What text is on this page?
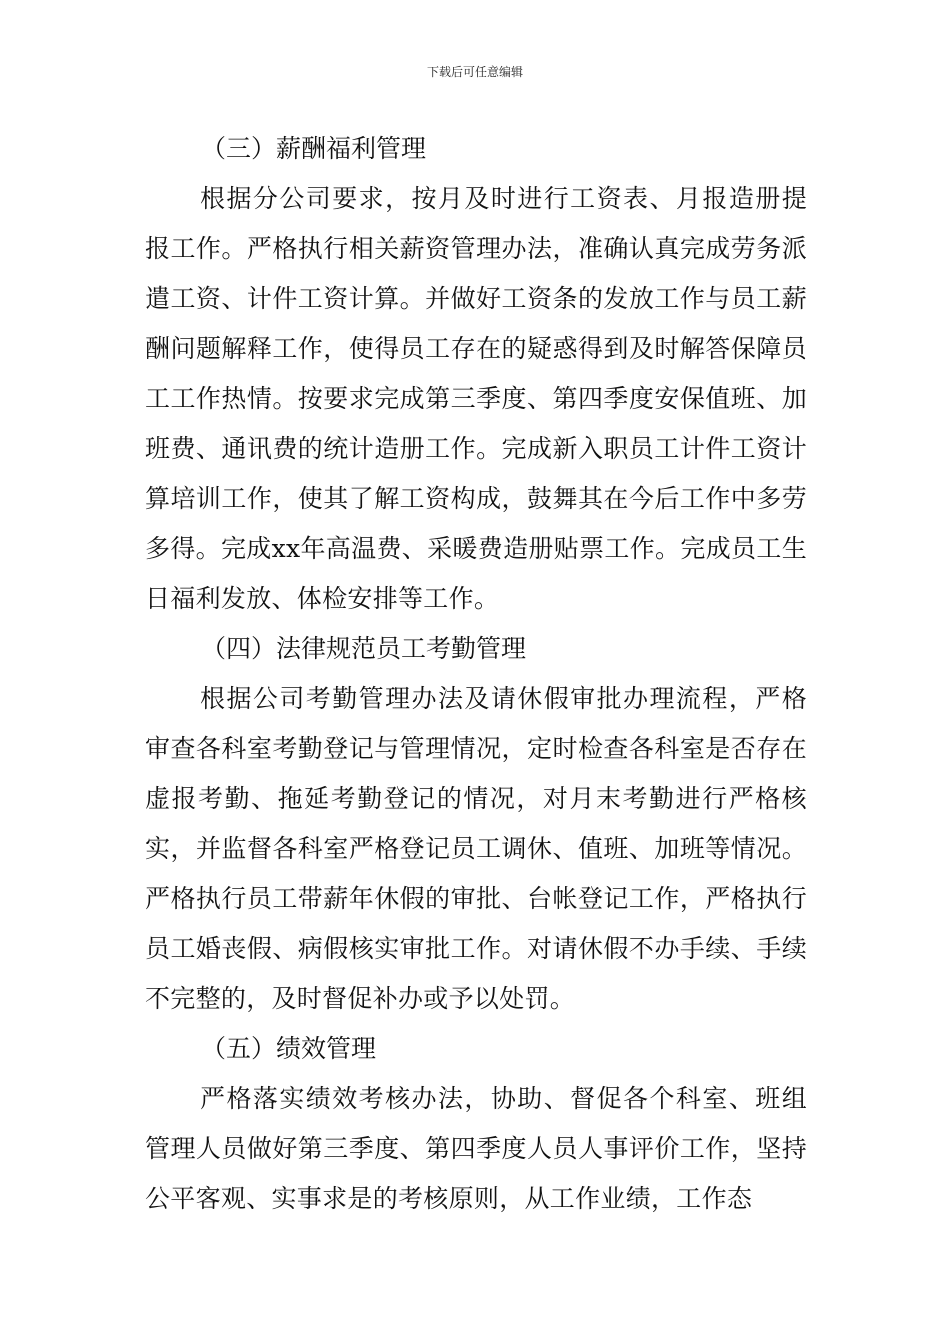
下载后可任意编辑
（三）薪酬福利管理

根据分公司要求，按月及时进行工资表、月报造册提报工作。严格执行相关薪资管理办法，准确认真完成劳务派遣工资、计件工资计算。并做好工资条的发放工作与员工薪酬问题解释工作，使得员工存在的疑惑得到及时解答保障员工工作热情。按要求完成第三季度、第四季度安保值班、加班费、通讯费的统计造册工作。完成新入职员工计件工资计算培训工作，使其了解工资构成，鼓舞其在今后工作中多劳多得。完成xx年高温费、采暖费造册贴票工作。完成员工生日福利发放、体检安排等工作。

（四）法律规范员工考勤管理

根据公司考勤管理办法及请休假审批办理流程，严格审查各科室考勤登记与管理情况，定时检查各科室是否存在虚报考勤、拖延考勤登记的情况，对月末考勤进行严格核实，并监督各科室严格登记员工调休、值班、加班等情况。严格执行员工带薪年休假的审批、台帐登记工作，严格执行员工婚丧假、病假核实审批工作。对请休假不办手续、手续不完整的，及时督促补办或予以处罚。

（五）绩效管理

严格落实绩效考核办法，协助、督促各个科室、班组管理人员做好第三季度、第四季度人员人事评价工作，坚持公平客观、实事求是的考核原则，从工作业绩，工作态
